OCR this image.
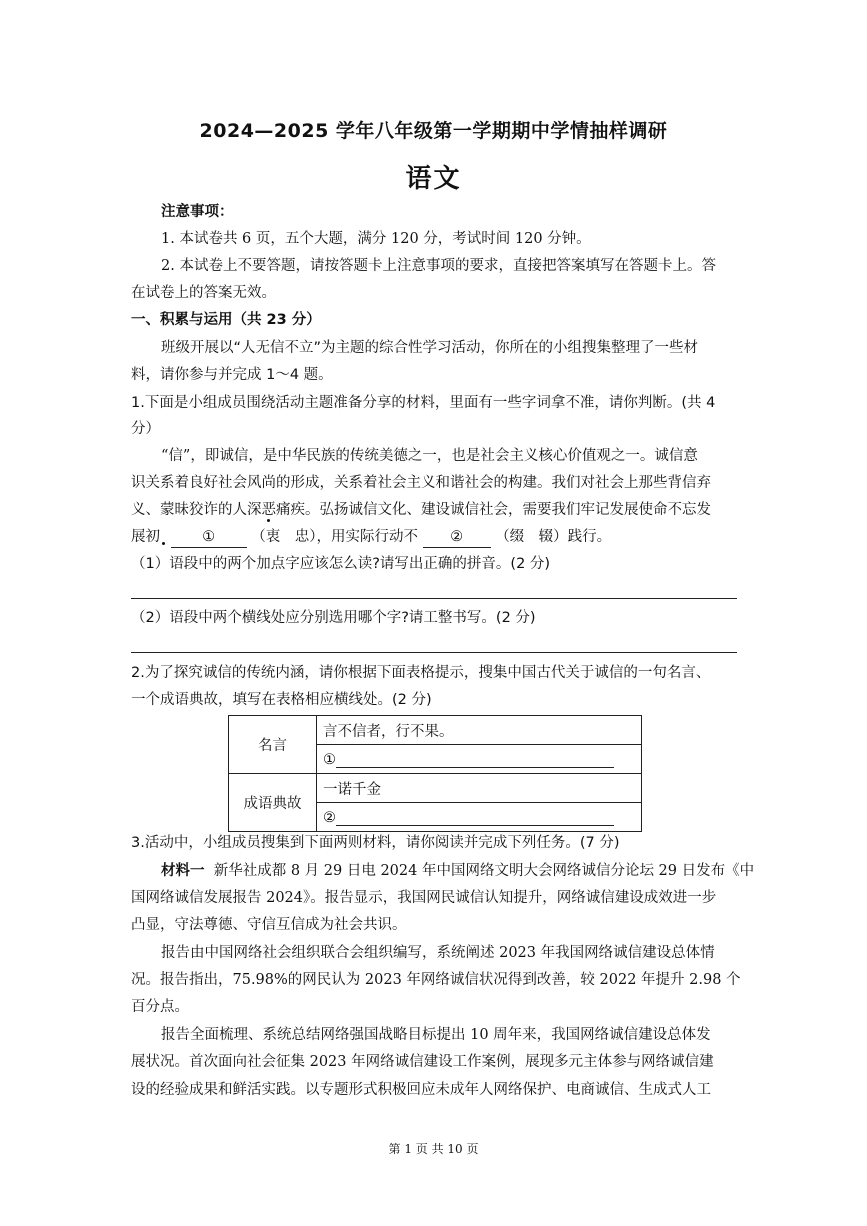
2024—2025 学年八年级第一学期期中学情抽样调研
语文
注意事项：
1. 本试卷共 6 页，五个大题，满分 120 分，考试时间 120 分钟。
2. 本试卷上不要答题，请按答题卡上注意事项的要求，直接把答案填写在答题卡上。答
在试卷上的答案无效。
一、积累与运用（共 23 分）
班级开展以“人无信不立”为主题的综合性学习活动，你所在的小组搜集整理了一些材
料，请你参与并完成 1～4 题。
1.下面是小组成员围绕活动主题准备分享的材料，里面有一些字词拿不准，请你判断。(共 4
分）
“信”，即诚信，是中华民族的传统美德之一，也是社会主义核心价值观之一。诚信意
识关系着良好社会风尚的形成，关系着社会主义和谐社会的构建。我们对社会上那些背信弃
义、蒙昧狡诈的人深恶痛疾。弘扬诚信文化、建设诚信社会，需要我们牢记发展使命不忘发
展初	① （衷　忠），用实际行动不 ② （缀　辍）践行。
（1）语段中的两个加点字应该怎么读?请写出正确的拼音。(2 分)
（2）语段中两个横线处应分别选用哪个字?请工整书写。(2 分)
2.为了探究诚信的传统内涵，请你根据下面表格提示，搜集中国古代关于诚信的一句名言、
一个成语典故，填写在表格相应横线处。(2 分)
名言	言不信者，行不果。
	①
成语典故	一诺千金
	②
3.活动中，小组成员搜集到下面两则材料，请你阅读并完成下列任务。(7 分)
材料一 新华社成都 8 月 29 日电 2024 年中国网络文明大会网络诚信分论坛 29 日发布《中
国网络诚信发展报告 2024》。报告显示，我国网民诚信认知提升，网络诚信建设成效进一步
凸显，守法尊德、守信互信成为社会共识。
报告由中国网络社会组织联合会组织编写，系统阐述 2023 年我国网络诚信建设总体情
况。报告指出，75.98%的网民认为 2023 年网络诚信状况得到改善，较 2022 年提升 2.98 个
百分点。
报告全面梳理、系统总结网络强国战略目标提出 10 周年来，我国网络诚信建设总体发
展状况。首次面向社会征集 2023 年网络诚信建设工作案例，展现多元主体参与网络诚信建
设的经验成果和鲜活实践。以专题形式积极回应未成年人网络保护、电商诚信、生成式人工
第 1 页 共 10 页
